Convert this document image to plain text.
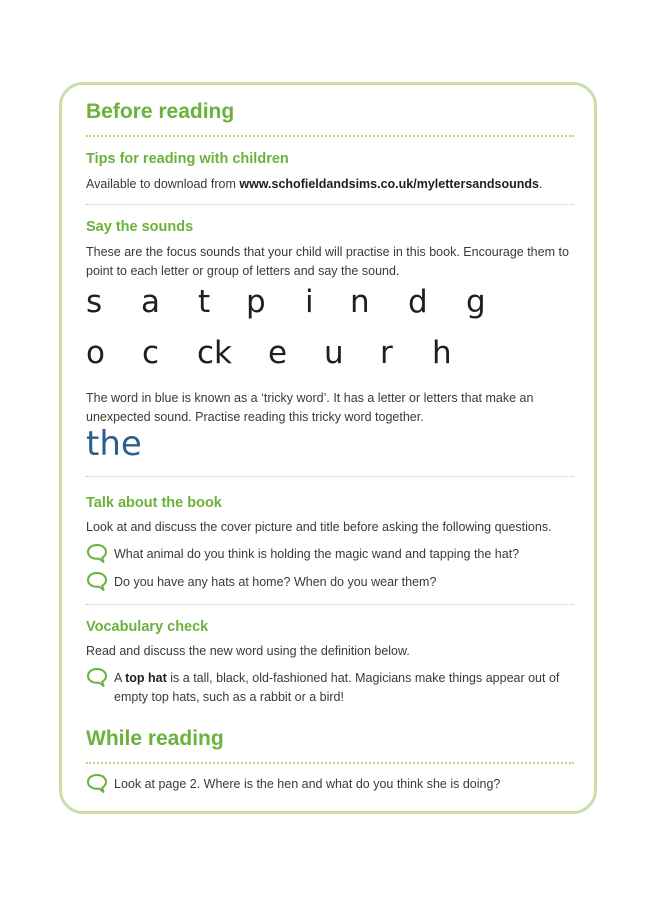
Before reading
Tips for reading with children
Available to download from www.schofieldandsims.co.uk/mylettersandsounds.
Say the sounds
These are the focus sounds that your child will practise in this book. Encourage them to point to each letter or group of letters and say the sound.
s a t p i n d g
o c ck e u r h
The word in blue is known as a ‘tricky word’. It has a letter or letters that make an unexpected sound. Practise reading this tricky word together.
the
Talk about the book
Look at and discuss the cover picture and title before asking the following questions.
What animal do you think is holding the magic wand and tapping the hat?
Do you have any hats at home? When do you wear them?
Vocabulary check
Read and discuss the new word using the definition below.
A top hat is a tall, black, old-fashioned hat. Magicians make things appear out of empty top hats, such as a rabbit or a bird!
While reading
Look at page 2. Where is the hen and what do you think she is doing?
